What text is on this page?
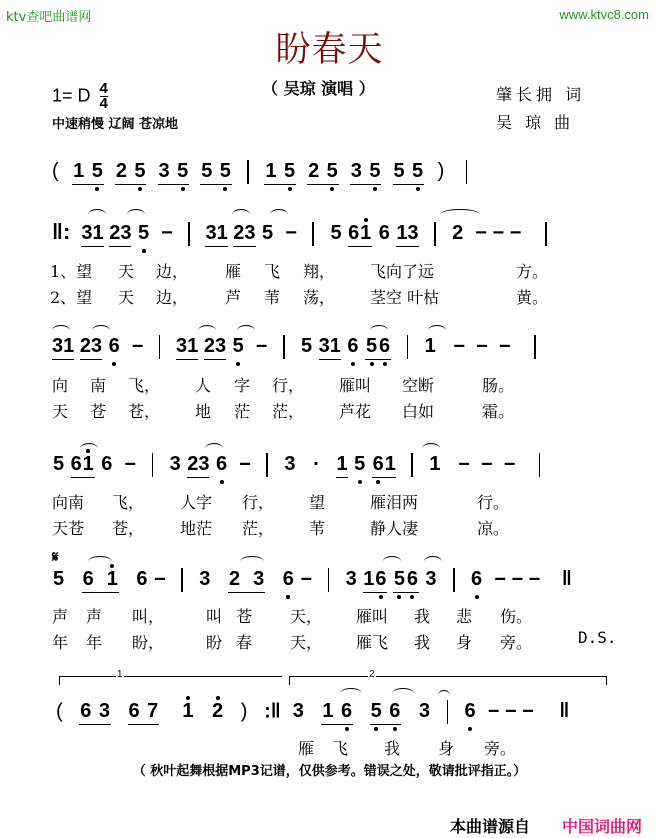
ktv查吧曲谱网	www.ktvc8.com
盼春天
（ 吴琼 演唱 ）
1= D $\frac{4}{4}$
中速稍慢 辽阔 苍凉地
肇长拥 词
吴 琼 曲
( 1 5 2 5 3 5 5 5 1 5 2 5 3 5 5 5 )
‖: 31 23 5  −  31 23 5  −  5 61 6 13 2  − − −
1、望 天 边， 雁 飞 翔， 飞向了远	方。
2、望 天 边， 芦 苇 荡， 茎空 叶枯	黄。
31 23 6  −  31 23 5  −  5 31 6 56 1   −  −  −
向 南 飞， 人 字 行， 雁叫 空断	肠。
天 苍 苍， 地 茫 茫， 芦花 白如	霜。
5 61 6  −  3 23 6  −  3   ·   1 5 61 1   −  −  −
向南 飞， 人字 行， 望	雁泪两	行。
天苍 苍， 地茫 茫， 苇	静人凄	凉。
𝄋
5 6 1 6 −  3 2 3 6 −  3 16 56 3 6  − − − ‖
声 声 叫，	叫 苍 天， 雁叫 我 悲 伤。
年 年 盼，	盼 春 天， 雁飞 我 身 旁。	D.S.
1	2
( 6 3 6 7 1 2 ) :‖ 3 1 6 5 6 3 6  − − − ‖
雁 飞 我 身 旁。
（ 秋叶起舞根据MP3记谱，仅供参考。错误之处，敬请批评指正。）
本曲谱源自 中国词曲网
